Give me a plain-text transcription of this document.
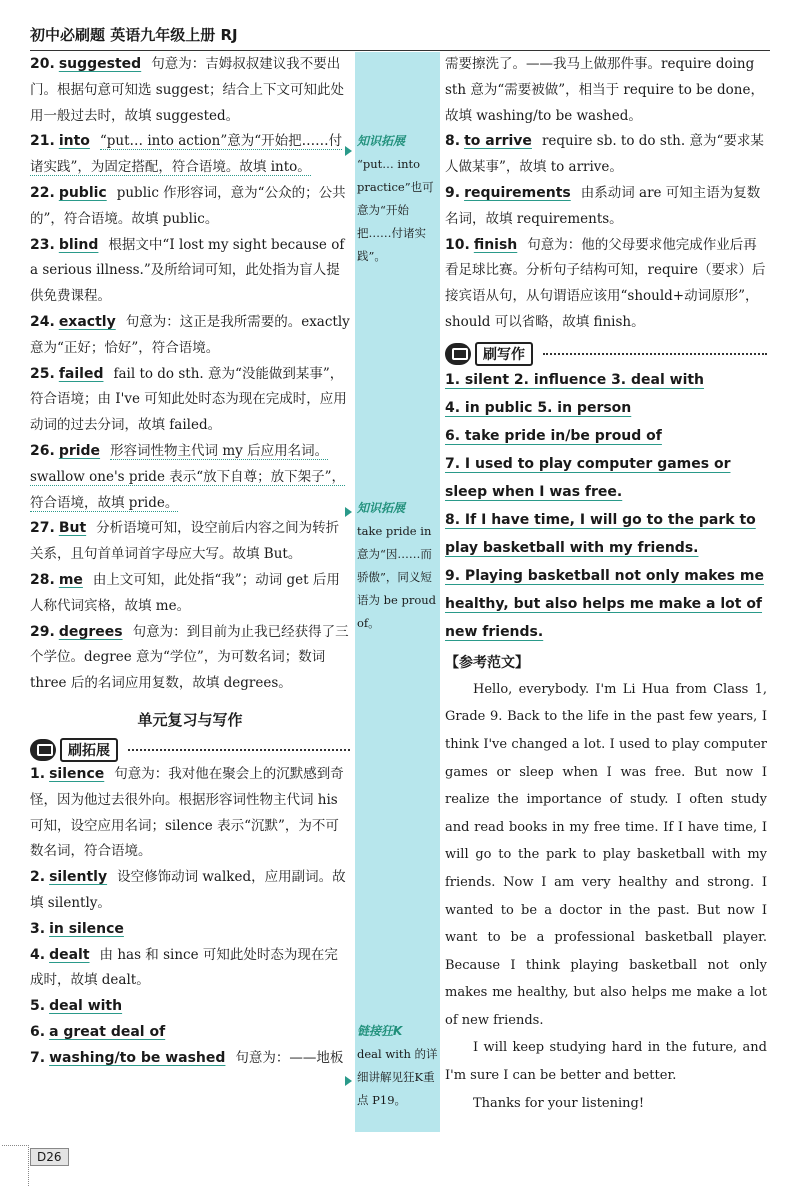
初中必刷题 英语九年级上册 RJ
知识拓展
“put… into practice”也可意为“开始把……付诸实践”。
知识拓展
take pride in 意为“因……而骄傲”，同义短语为 be proud of。
链接狂K
deal with 的详细讲解见狂K重点 P19。

20. suggested 句意为：吉姆叔叔建议我不要出门。根据句意可知选 suggest；结合上下文可知此处用一般过去时，故填 suggested。

21. into “put… into action”意为“开始把……付诸实践”，为固定搭配，符合语境。故填 into。

22. public public 作形容词，意为“公众的；公共的”，符合语境。故填 public。

23. blind 根据文中“I lost my sight because of a serious illness.”及所给词可知，此处指为盲人提供免费课程。

24. exactly 句意为：这正是我所需要的。exactly 意为“正好；恰好”，符合语境。

25. failed fail to do sth. 意为“没能做到某事”，符合语境；由 I've 可知此处时态为现在完成时，应用动词的过去分词，故填 failed。

26. pride 形容词性物主代词 my 后应用名词。swallow one's pride 表示“放下自尊；放下架子”，符合语境，故填 pride。

27. But 分析语境可知，设空前后内容之间为转折关系，且句首单词首字母应大写。故填 But。

28. me 由上文可知，此处指“我”；动词 get 后用人称代词宾格，故填 me。

29. degrees 句意为：到目前为止我已经获得了三个学位。degree 意为“学位”，为可数名词；数词 three 后的名词应用复数，故填 degrees。

单元复习与写作
刷拓展

1. silence 句意为：我对他在聚会上的沉默感到奇怪，因为他过去很外向。根据形容词性物主代词 his 可知，设空应用名词；silence 表示“沉默”，为不可数名词，符合语境。

2. silently 设空修饰动词 walked，应用副词。故填 silently。

3. in silence

4. dealt 由 has 和 since 可知此处时态为现在完成时，故填 dealt。

5. deal with

6. a great deal of

7. washing/to be washed 句意为：——地板

需要擦洗了。——我马上做那件事。require doing sth 意为“需要被做”，相当于 require to be done，故填 washing/to be washed。

8. to arrive require sb. to do sth. 意为“要求某人做某事”，故填 to arrive。

9. requirements 由系动词 are 可知主语为复数名词，故填 requirements。

10. finish 句意为：他的父母要求他完成作业后再看足球比赛。分析句子结构可知，require（要求）后接宾语从句，从句谓语应该用“should+动词原形”，should 可以省略，故填 finish。

刷写作
1. silent 2. influence 3. deal with
4. in public 5. in person
6. take pride in/be proud of
7. I used to play computer games or sleep when I was free.
8. If I have time, I will go to the park to play basketball with my friends.
9. Playing basketball not only makes me healthy, but also helps me make a lot of new friends.
【参考范文】

Hello, everybody. I'm Li Hua from Class 1, Grade 9. Back to the life in the past few years, I think I've changed a lot. I used to play computer games or sleep when I was free. But now I realize the importance of study. I often study and read books in my free time. If I have time, I will go to the park to play basketball with my friends. Now I am very healthy and strong. I wanted to be a doctor in the past. But now I want to be a professional basketball player. Because I think playing basketball not only makes me healthy, but also helps me make a lot of new friends.

I will keep studying hard in the future, and I'm sure I can be better and better.

Thanks for your listening!

D26
